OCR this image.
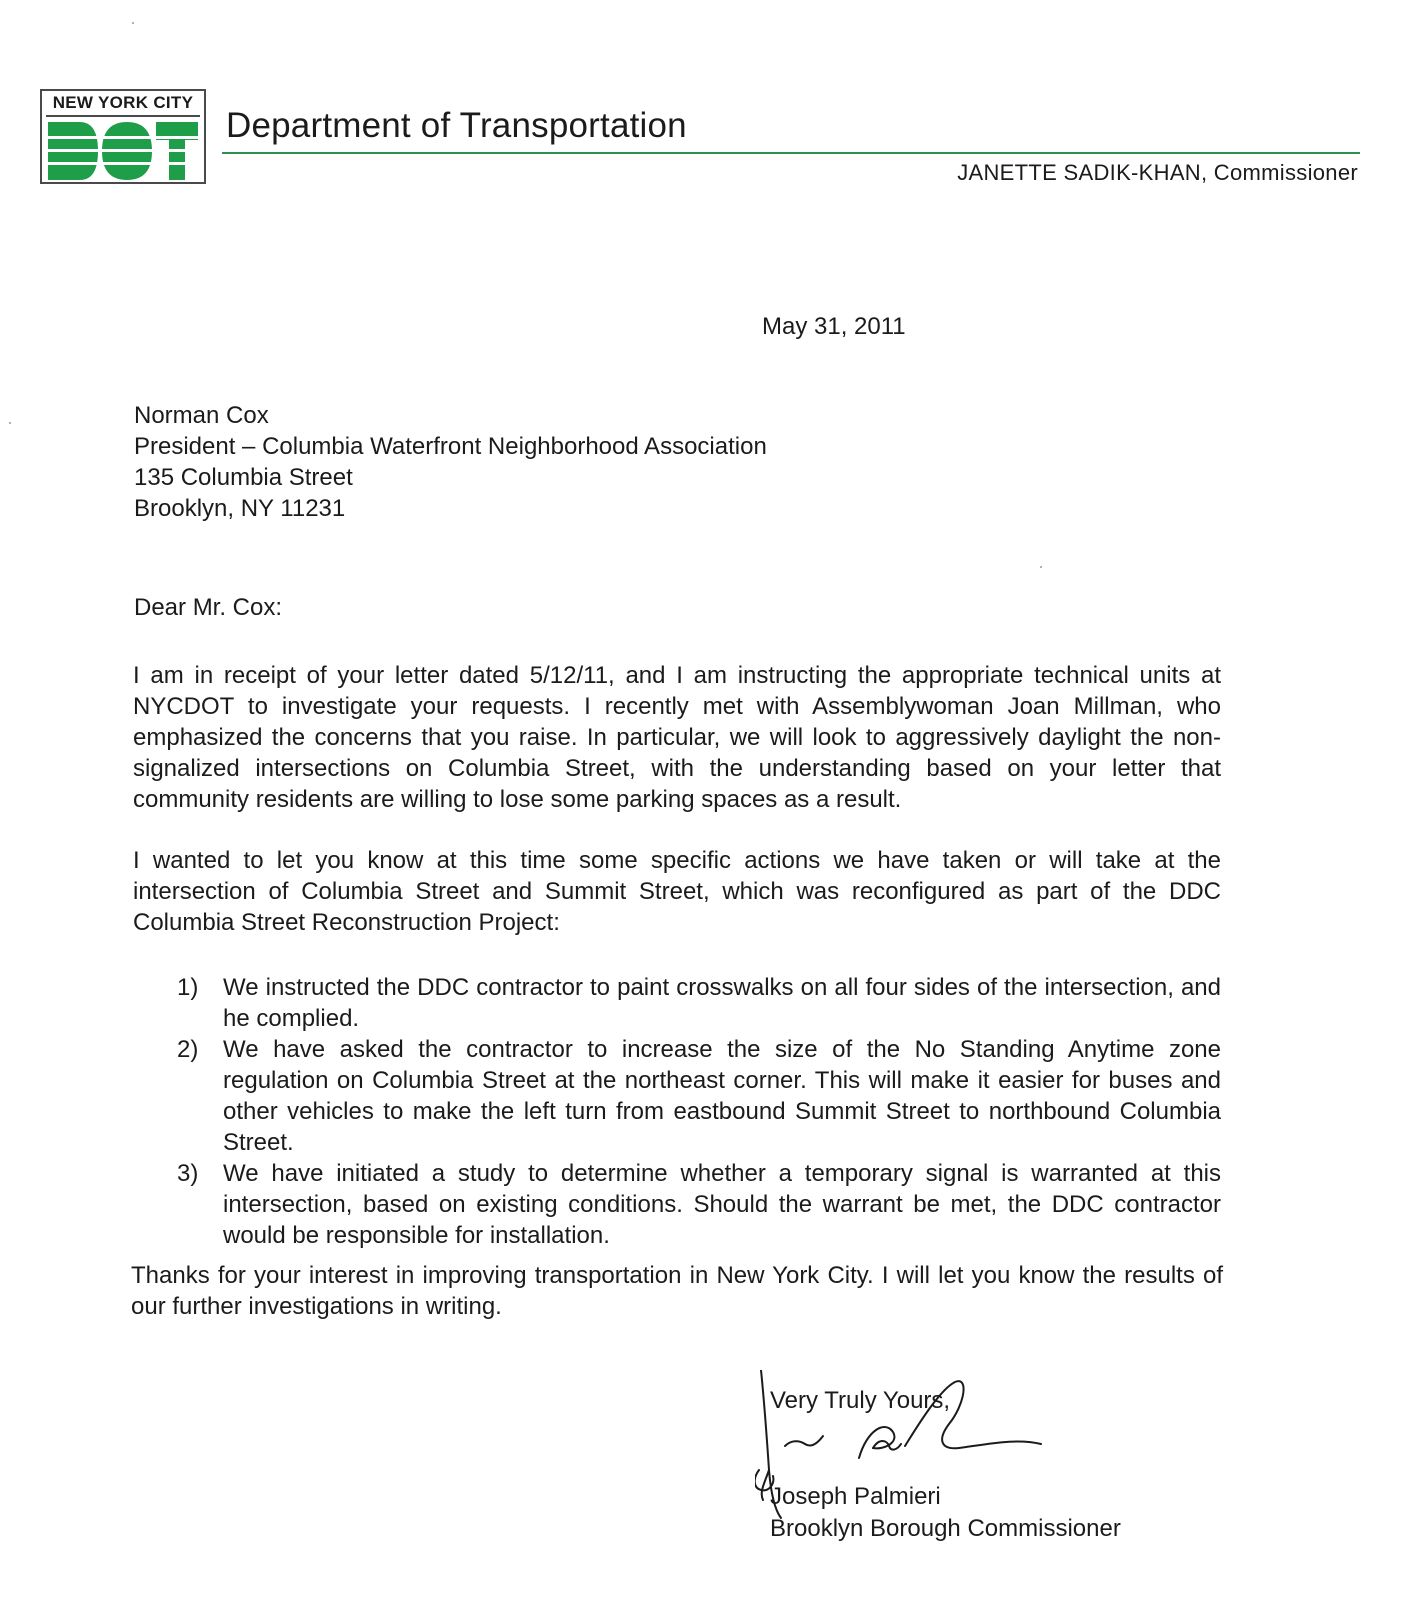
NEW YORK CITY
Department of Transportation
JANETTE SADIK-KHAN, Commissioner
May 31, 2011
Norman Cox
President – Columbia Waterfront Neighborhood Association
135 Columbia Street
Brooklyn, NY 11231
Dear Mr. Cox:

I am in receipt of your letter dated 5/12/11, and I am instructing the appropriate technical units at NYCDOT to investigate your requests. I recently met with Assemblywoman Joan Millman, who emphasized the concerns that you raise. In particular, we will look to aggressively daylight the non-signalized intersections on Columbia Street, with the understanding based on your letter that community residents are willing to lose some parking spaces as a result.

I wanted to let you know at this time some specific actions we have taken or will take at the intersection of Columbia Street and Summit Street, which was reconfigured as part of the DDC Columbia Street Reconstruction Project:

1) We instructed the DDC contractor to paint crosswalks on all four sides of the intersection, and he complied.
2) We have asked the contractor to increase the size of the No Standing Anytime zone regulation on Columbia Street at the northeast corner. This will make it easier for buses and other vehicles to make the left turn from eastbound Summit Street to northbound Columbia Street.
3) We have initiated a study to determine whether a temporary signal is warranted at this intersection, based on existing conditions. Should the warrant be met, the DDC contractor would be responsible for installation.

Thanks for your interest in improving transportation in New York City. I will let you know the results of our further investigations in writing.

Very Truly Yours,
Joseph Palmieri
Brooklyn Borough Commissioner
